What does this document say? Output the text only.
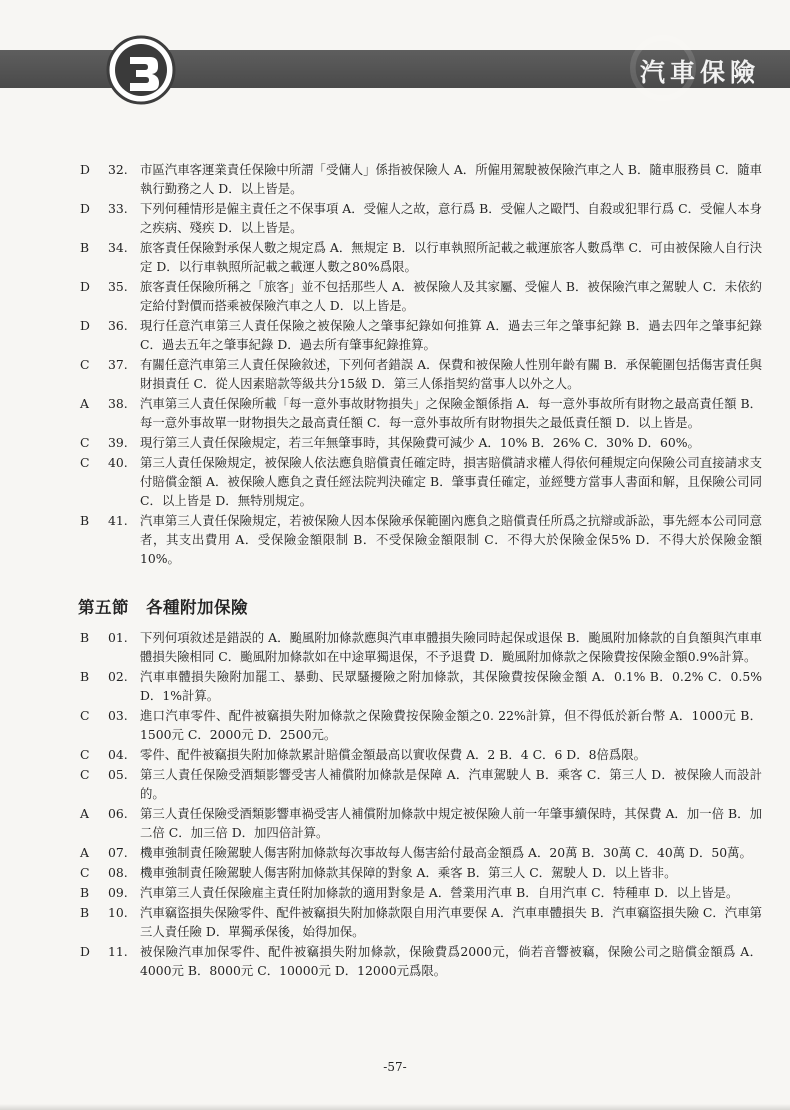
汽車保險
D 32. 市區汽車客運業責任保險中所謂「受傭人」係指被保險人 A．所僱用駕駛被保險汽車之人 B．隨車服務員 C．隨車執行勤務之人 D．以上皆是。
D 33. 下列何種情形是僱主責任之不保事項 A．受僱人之故，意行爲 B．受僱人之毆鬥、自殺或犯罪行爲 C．受僱人本身之疾病、殘疾 D．以上皆是。
B 34. 旅客責任保險對承保人數之規定爲 A．無規定 B．以行車執照所記載之載運旅客人數爲準 C．可由被保險人自行決定 D．以行車執照所記載之載運人數之80%爲限。
D 35. 旅客責任保險所稱之「旅客」並不包括那些人 A．被保險人及其家屬、受僱人 B．被保險汽車之駕駛人 C．未依約定給付對價而搭乘被保險汽車之人 D．以上皆是。
D 36. 現行任意汽車第三人責任保險之被保險人之肇事紀錄如何推算 A．過去三年之肇事紀錄 B．過去四年之肇事紀錄 C．過去五年之肇事紀錄 D．過去所有肇事紀錄推算。
C 37. 有關任意汽車第三人責任保險敘述，下列何者錯誤 A．保費和被保險人性別年齡有關 B．承保範圍包括傷害責任與財損責任 C．從人因素賠款等級共分15級 D．第三人係指契約當事人以外之人。
A 38. 汽車第三人責任保險所載「每一意外事故財物損失」之保險金額係指 A．每一意外事故所有財物之最高責任額 B．每一意外事故單一財物損失之最高責任額 C．每一意外事故所有財物損失之最低責任額 D．以上皆是。
C 39. 現行第三人責任保險規定，若三年無肇事時，其保險費可減少 A．10% B．26% C．30% D．60%。
C 40. 第三人責任保險規定，被保險人依法應負賠償責任確定時，損害賠償請求權人得依何種規定向保險公司直接請求支付賠償金額 A．被保險人應負之責任經法院判決確定 B．肇事責任確定，並經雙方當事人書面和解，且保險公司同 C．以上皆是 D．無特別規定。
B 41. 汽車第三人責任保險規定，若被保險人因本保險承保範圍內應負之賠償責任所爲之抗辯或訴訟，事先經本公司同意者，其支出費用 A．受保險金額限制 B．不受保險金額限制 C．不得大於保險金保5% D．不得大於保險金額10%。
第五節　各種附加保險
B 01. 下列何項敘述是錯誤的 A．颱風附加條款應與汽車車體損失險同時起保或退保 B．颱風附加條款的自負額與汽車車體損失險相同 C．颱風附加條款如在中途單獨退保，不予退費 D．颱風附加條款之保險費按保險金額0.9%計算。
B 02. 汽車車體損失險附加罷工、暴動、民眾騷擾險之附加條款，其保險費按保險金額 A．0.1% B．0.2% C．0.5% D．1%計算。
C 03. 進口汽車零件、配件被竊損失附加條款之保險費按保險金額之0. 22%計算，但不得低於新台幣 A．1000元 B．1500元 C．2000元 D．2500元。
C 04. 零件、配件被竊損失附加條款累計賠償金額最高以實收保費 A．2 B．4 C．6 D．8倍爲限。
C 05. 第三人責任保險受酒類影響受害人補償附加條款是保障 A．汽車駕駛人 B．乘客 C．第三人 D．被保險人而設計的。
A 06. 第三人責任保險受酒類影響車禍受害人補償附加條款中規定被保險人前一年肇事續保時，其保費 A．加一倍 B．加二倍 C．加三倍 D．加四倍計算。
A 07. 機車強制責任險駕駛人傷害附加條款每次事故每人傷害給付最高金額爲 A．20萬 B．30萬 C．40萬 D．50萬。
C 08. 機車強制責任險駕駛人傷害附加條款其保障的對象 A．乘客 B．第三人 C．駕駛人 D．以上皆非。
B 09. 汽車第三人責任保險雇主責任附加條款的適用對象是 A．營業用汽車 B．自用汽車 C．特種車 D．以上皆是。
B 10. 汽車竊盜損失保險零件、配件被竊損失附加條款限自用汽車要保 A．汽車車體損失 B．汽車竊盜損失險 C．汽車第三人責任險 D．單獨承保後，始得加保。
D 11. 被保險汽車加保零件、配件被竊損失附加條款，保險費爲2000元，倘若音響被竊，保險公司之賠償金額爲 A．4000元 B．8000元 C．10000元 D．12000元爲限。
-57-
